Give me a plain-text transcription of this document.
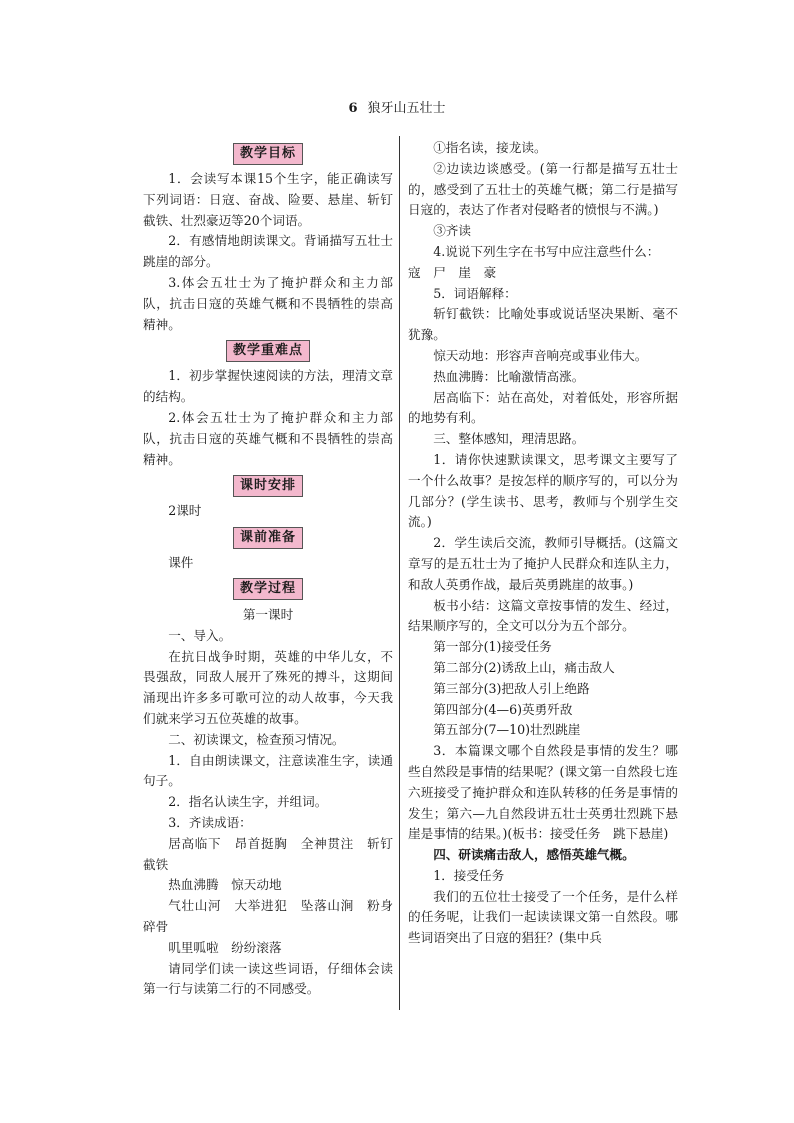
6 狼牙山五壮士
教学目标

1．会读写本课15个生字，能正确读写下列词语：日寇、奋战、险要、悬崖、斩钉截铁、壮烈豪迈等20个词语。

2．有感情地朗读课文。背诵描写五壮士跳崖的部分。

3.体会五壮士为了掩护群众和主力部队，抗击日寇的英雄气概和不畏牺牲的崇高精神。

教学重难点

1．初步掌握快速阅读的方法，理清文章的结构。

2.体会五壮士为了掩护群众和主力部队，抗击日寇的英雄气概和不畏牺牲的崇高精神。

课时安排

2课时

课前准备

课件

教学过程

第一课时

一、导入。

在抗日战争时期，英雄的中华儿女，不畏强敌，同敌人展开了殊死的搏斗，这期间涌现出许多多可歌可泣的动人故事，今天我们就来学习五位英雄的故事。

二、初读课文，检查预习情况。

1．自由朗读课文，注意读准生字，读通句子。

2．指名认读生字，并组词。

3．齐读成语：

居高临下　昂首挺胸　全神贯注　斩钉截铁

热血沸腾　惊天动地

气壮山河　大举进犯　坠落山涧　粉身碎骨

叽里呱啦　纷纷滚落

请同学们读一读这些词语，仔细体会读第一行与读第二行的不同感受。

①指名读，接龙读。

②边读边谈感受。(第一行都是描写五壮士的，感受到了五壮士的英雄气概；第二行是描写日寇的，表达了作者对侵略者的愤恨与不满。)

③齐读

4.说说下列生字在书写中应注意些什么：

寇　尸　崖　豪

5．词语解释：

斩钉截铁：比喻处事或说话坚决果断、毫不犹豫。

惊天动地：形容声音响亮或事业伟大。

热血沸腾：比喻激情高涨。

居高临下：站在高处，对着低处，形容所据的地势有利。

三、整体感知，理清思路。

1．请你快速默读课文，思考课文主要写了一个什么故事？是按怎样的顺序写的，可以分为几部分？(学生读书、思考，教师与个别学生交流。)

2．学生读后交流，教师引导概括。(这篇文章写的是五壮士为了掩护人民群众和连队主力，和敌人英勇作战，最后英勇跳崖的故事。)

板书小结：这篇文章按事情的发生、经过，结果顺序写的，全文可以分为五个部分。

第一部分(1)接受任务

第二部分(2)诱敌上山，痛击敌人

第三部分(3)把敌人引上绝路

第四部分(4—6)英勇歼敌

第五部分(7—10)壮烈跳崖

3．本篇课文哪个自然段是事情的发生？哪些自然段是事情的结果呢？(课文第一自然段七连六班接受了掩护群众和连队转移的任务是事情的发生；第六—九自然段讲五壮士英勇壮烈跳下悬崖是事情的结果。)(板书：接受任务　跳下悬崖)

四、研读痛击敌人，感悟英雄气概。

1．接受任务

我们的五位壮士接受了一个任务，是什么样的任务呢，让我们一起读读课文第一自然段。哪些词语突出了日寇的猖狂？(集中兵
